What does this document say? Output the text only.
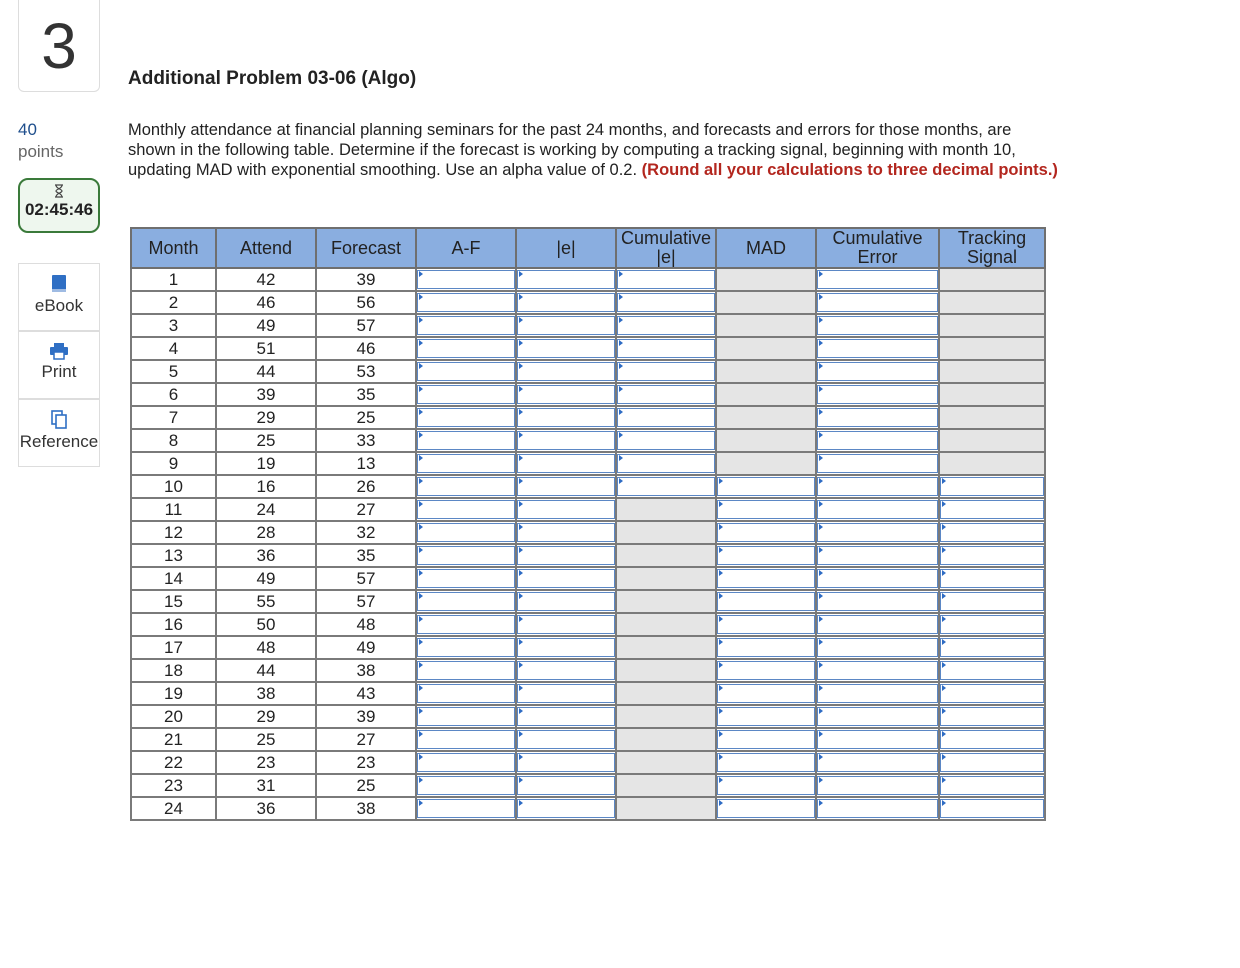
3
40
points
02:45:46
eBook
Print
Reference
Additional Problem 03-06 (Algo)
Monthly attendance at financial planning seminars for the past 24 months, and forecasts and errors for those months, are shown in the following table. Determine if the forecast is working by computing a tracking signal, beginning with month 10, updating MAD with exponential smoothing. Use an alpha value of 0.2. (Round all your calculations to three decimal points.)
Month	Attend	Forecast	A-F	|e|	Cumulative |e|	MAD	Cumulative Error	Tracking Signal
1	42	39						
2	46	56						
3	49	57						
4	51	46						
5	44	53						
6	39	35						
7	29	25						
8	25	33						
9	19	13						
10	16	26						
11	24	27						
12	28	32						
13	36	35						
14	49	57						
15	55	57						
16	50	48						
17	48	49						
18	44	38						
19	38	43						
20	29	39						
21	25	27						
22	23	23						
23	31	25						
24	36	38						
